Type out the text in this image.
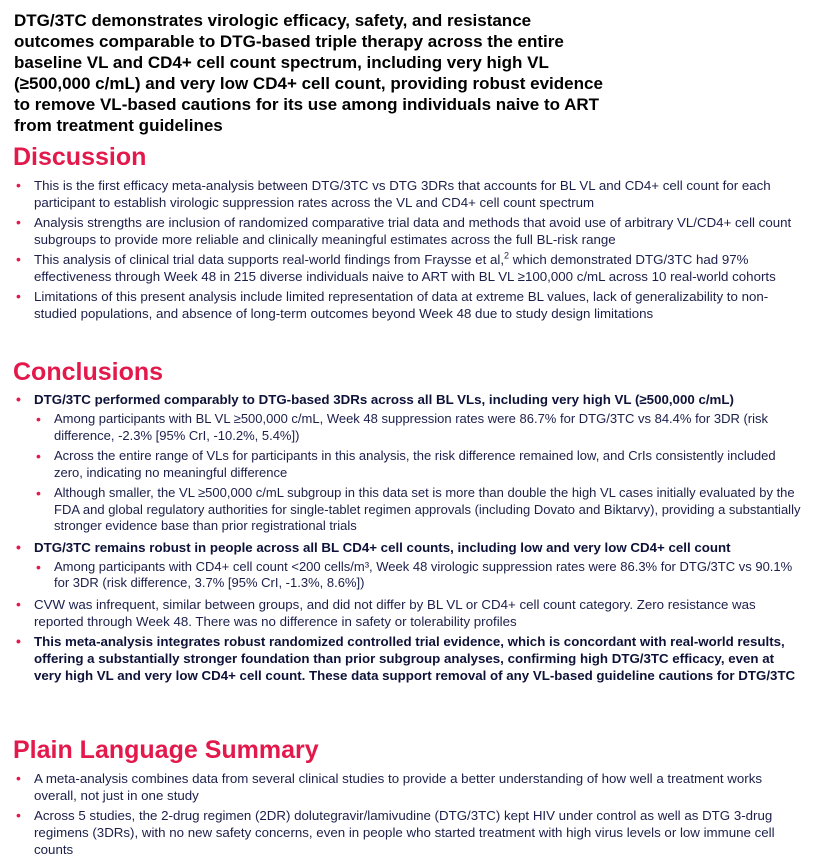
DTG/3TC demonstrates virologic efficacy, safety, and resistance outcomes comparable to DTG-based triple therapy across the entire baseline VL and CD4+ cell count spectrum, including very high VL (≥500,000 c/mL) and very low CD4+ cell count, providing robust evidence to remove VL-based cautions for its use among individuals naive to ART from treatment guidelines
Discussion
• This is the first efficacy meta-analysis between DTG/3TC vs DTG 3DRs that accounts for BL VL and CD4+ cell count for each participant to establish virologic suppression rates across the VL and CD4+ cell count spectrum
• Analysis strengths are inclusion of randomized comparative trial data and methods that avoid use of arbitrary VL/CD4+ cell count subgroups to provide more reliable and clinically meaningful estimates across the full BL-risk range
• This analysis of clinical trial data supports real-world findings from Fraysse et al,$^2$ which demonstrated DTG/3TC had 97% effectiveness through Week 48 in 215 diverse individuals naive to ART with BL VL ≥100,000 c/mL across 10 real-world cohorts
• Limitations of this present analysis include limited representation of data at extreme BL values, lack of generalizability to non-studied populations, and absence of long-term outcomes beyond Week 48 due to study design limitations
Conclusions
• DTG/3TC performed comparably to DTG-based 3DRs across all BL VLs, including very high VL (≥500,000 c/mL)
• Among participants with BL VL ≥500,000 c/mL, Week 48 suppression rates were 86.7% for DTG/3TC vs 84.4% for 3DR (risk difference, -2.3% [95% CrI, -10.2%, 5.4%])
• Across the entire range of VLs for participants in this analysis, the risk difference remained low, and CrIs consistently included zero, indicating no meaningful difference
• Although smaller, the VL ≥500,000 c/mL subgroup in this data set is more than double the high VL cases initially evaluated by the FDA and global regulatory authorities for single-tablet regimen approvals (including Dovato and Biktarvy), providing a substantially stronger evidence base than prior registrational trials
• DTG/3TC remains robust in people across all BL CD4+ cell counts, including low and very low CD4+ cell count
• Among participants with CD4+ cell count <200 cells/m³, Week 48 virologic suppression rates were 86.3% for DTG/3TC vs 90.1% for 3DR (risk difference, 3.7% [95% CrI, -1.3%, 8.6%])
• CVW was infrequent, similar between groups, and did not differ by BL VL or CD4+ cell count category. Zero resistance was reported through Week 48. There was no difference in safety or tolerability profiles
• This meta-analysis integrates robust randomized controlled trial evidence, which is concordant with real-world results, offering a substantially stronger foundation than prior subgroup analyses, confirming high DTG/3TC efficacy, even at very high VL and very low CD4+ cell count. These data support removal of any VL-based guideline cautions for DTG/3TC
Plain Language Summary
• A meta-analysis combines data from several clinical studies to provide a better understanding of how well a treatment works overall, not just in one study
• Across 5 studies, the 2-drug regimen (2DR) dolutegravir/lamivudine (DTG/3TC) kept HIV under control as well as DTG 3-drug regimens (3DRs), with no new safety concerns, even in people who started treatment with high virus levels or low immune cell counts
